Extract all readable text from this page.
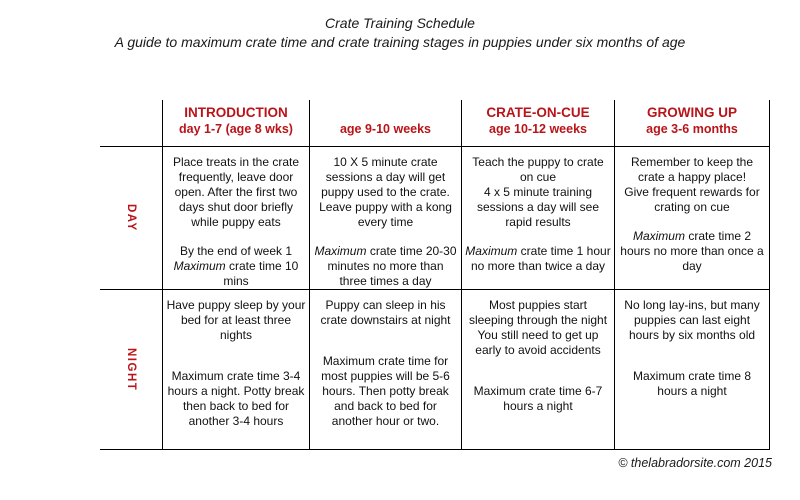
Crate Training Schedule
A guide to maximum crate time and crate training stages in puppies under six months of age
INTRODUCTION
day 1-7 (age 8 wks)	age 9-10 weeks
CRATE-ON-CUE
age 10-12 weeks
GROWING UP
age 3-6 months
DAY
Place treats in the crate frequently, leave door open. After the first two days shut door briefly while puppy eats
By the end of week 1 Maximum crate time 10 mins
10 X 5 minute crate sessions a day will get puppy used to the crate. Leave puppy with a kong every time
Maximum crate time 20-30 minutes no more than three times a day
Teach the puppy to crate on cue
4 x 5 minute training sessions a day will see rapid results
Maximum crate time 1 hour no more than twice a day
Remember to keep the crate a happy place!
Give frequent rewards for crating on cue
Maximum crate time 2 hours no more than once a day
NIGHT
Have puppy sleep by your bed for at least three nights
Maximum crate time 3-4 hours a night. Potty break then back to bed for another 3-4 hours
Puppy can sleep in his crate downstairs at night
Maximum crate time for most puppies will be 5-6 hours. Then potty break and back to bed for another hour or two.
Most puppies start sleeping through the night
You still need to get up early to avoid accidents
Maximum crate time 6-7 hours a night
No long lay-ins, but many puppies can last eight hours by six months old
Maximum crate time 8 hours a night
© thelabradorsite.com 2015
